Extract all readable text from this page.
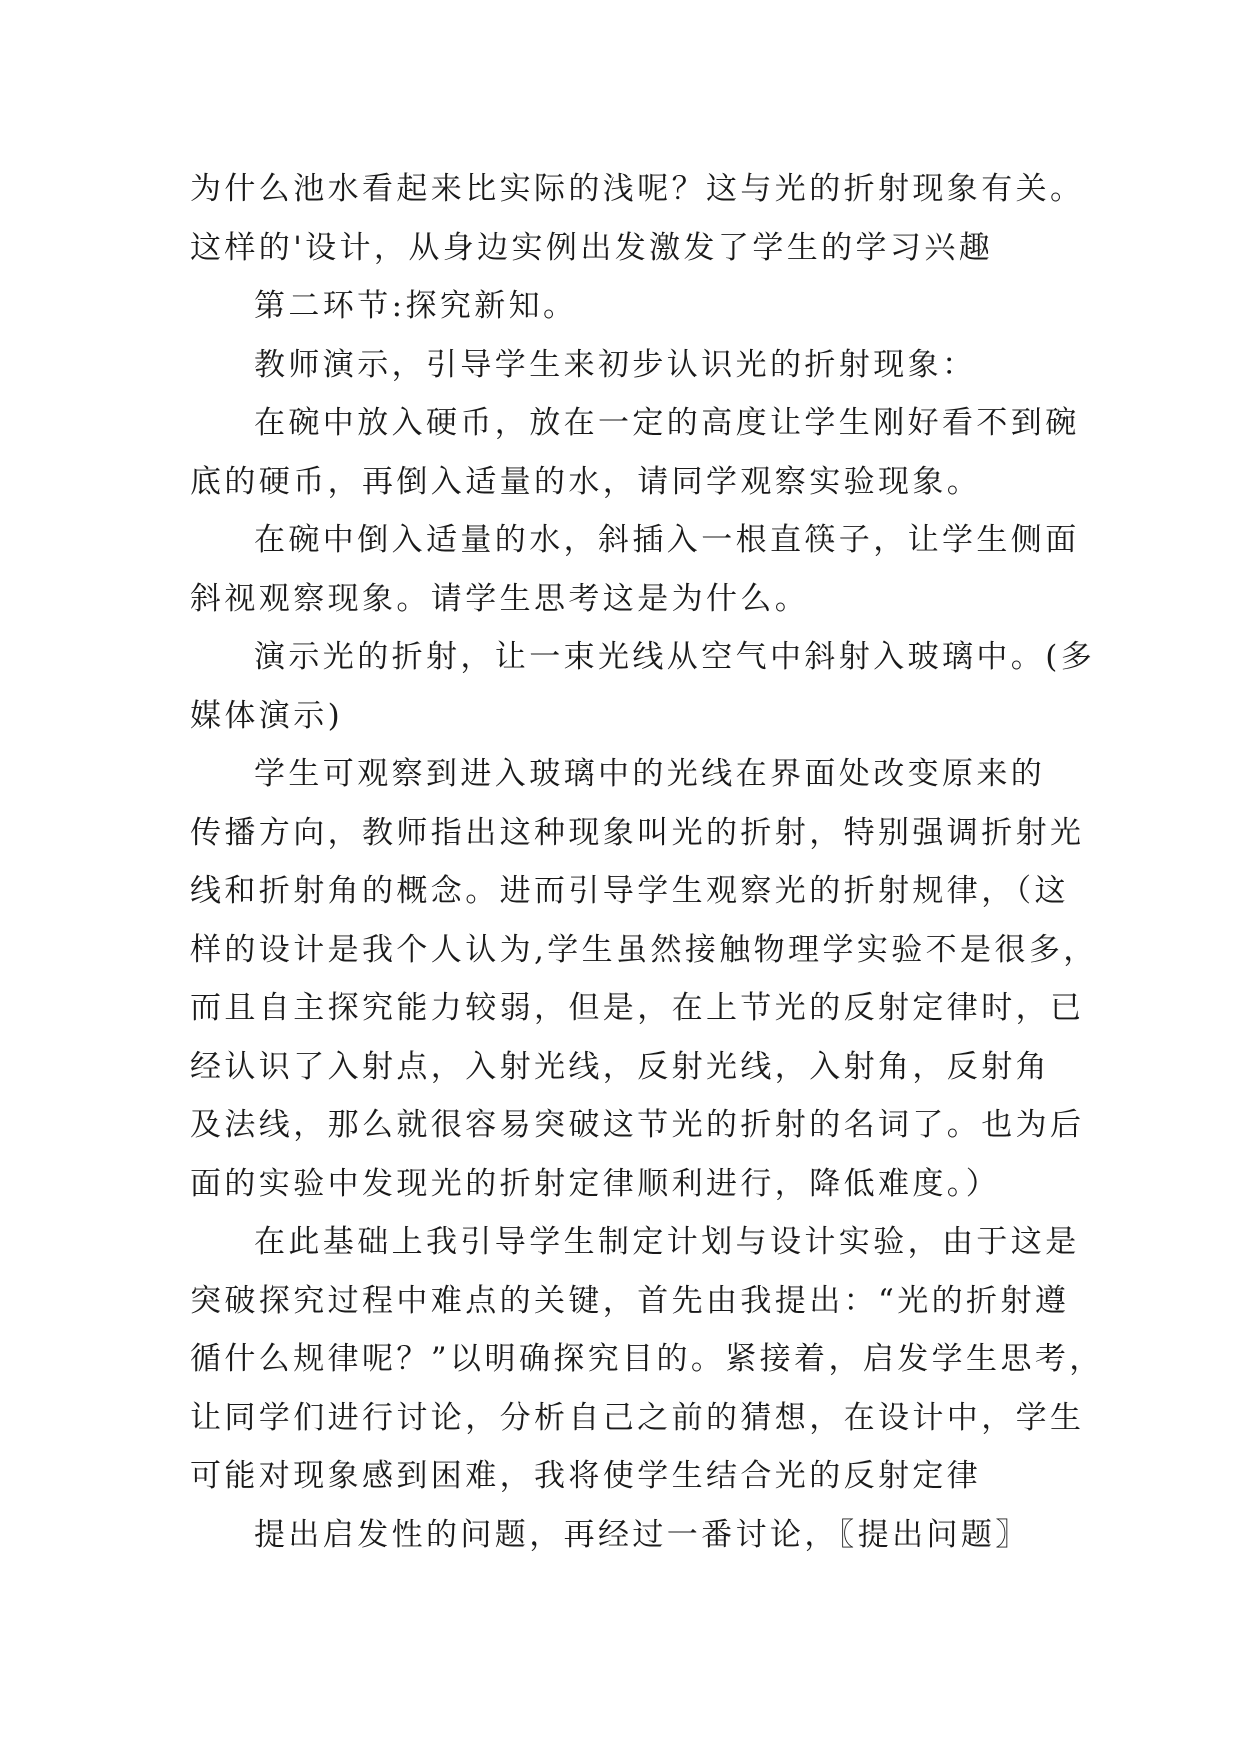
为什么池水看起来比实际的浅呢？这与光的折射现象有关。
这样的'设计，从身边实例出发激发了学生的学习兴趣
第二环节:探究新知。
教师演示，引导学生来初步认识光的折射现象：
在碗中放入硬币，放在一定的高度让学生刚好看不到碗
底的硬币，再倒入适量的水，请同学观察实验现象。
在碗中倒入适量的水，斜插入一根直筷子，让学生侧面
斜视观察现象。请学生思考这是为什么。
演示光的折射，让一束光线从空气中斜射入玻璃中。(多
媒体演示)
学生可观察到进入玻璃中的光线在界面处改变原来的
传播方向，教师指出这种现象叫光的折射，特别强调折射光
线和折射角的概念。进而引导学生观察光的折射规律，（这
样的设计是我个人认为,学生虽然接触物理学实验不是很多，
而且自主探究能力较弱，但是，在上节光的反射定律时，已
经认识了入射点，入射光线，反射光线，入射角，反射角
及法线，那么就很容易突破这节光的折射的名词了。也为后
面的实验中发现光的折射定律顺利进行，降低难度。）
在此基础上我引导学生制定计划与设计实验，由于这是
突破探究过程中难点的关键，首先由我提出：“光的折射遵
循什么规律呢？”以明确探究目的。紧接着，启发学生思考，
让同学们进行讨论，分析自己之前的猜想，在设计中，学生
可能对现象感到困难，我将使学生结合光的反射定律
提出启发性的问题，再经过一番讨论，〖提出问题〗
